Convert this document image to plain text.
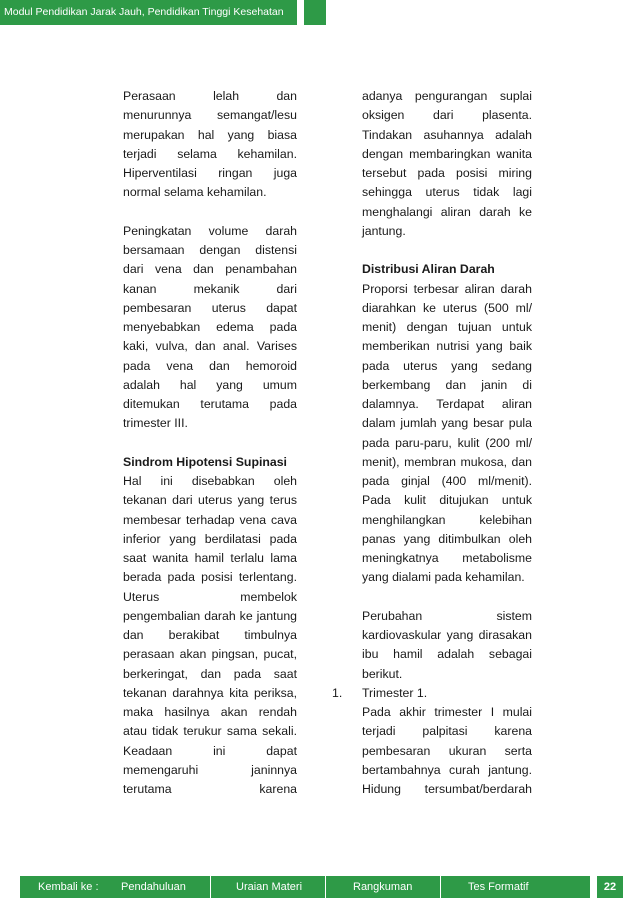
Modul Pendidikan Jarak Jauh, Pendidikan Tinggi Kesehatan

Perasaan lelah dan menurunnya semangat/lesu merupakan hal yang biasa terjadi selama kehamilan. Hiperventilasi ringan juga normal selama kehamilan.

Peningkatan volume darah bersamaan dengan distensi dari vena dan penambahan kanan mekanik dari pembesaran uterus dapat menyebabkan edema pada kaki, vulva, dan anal. Varises pada vena dan hemoroid adalah hal yang umum ditemukan terutama pada trimester III.

Sindrom Hipotensi Supinasi

Hal ini disebabkan oleh tekanan dari uterus yang terus membesar terhadap vena cava inferior yang berdilatasi pada saat wanita hamil terlalu lama berada pada posisi terlentang. Uterus membelok pengembalian darah ke jantung dan berakibat timbulnya perasaan akan pingsan, pucat, berkeringat, dan pada saat tekanan darahnya kita periksa, maka hasilnya akan rendah atau tidak terukur sama sekali. Keadaan ini dapat memengaruhi janinnya terutama karena

adanya pengurangan suplai oksigen dari plasenta. Tindakan asuhannya adalah dengan membaringkan wanita tersebut pada posisi miring sehingga uterus tidak lagi menghalangi aliran darah ke jantung.

Distribusi Aliran Darah

Proporsi terbesar aliran darah diarahkan ke uterus (500 ml/ menit) dengan tujuan untuk memberikan nutrisi yang baik pada uterus yang sedang berkembang dan janin di dalamnya. Terdapat aliran dalam jumlah yang besar pula pada paru-paru, kulit (200 ml/ menit), membran mukosa, dan pada ginjal (400 ml/menit). Pada kulit ditujukan untuk menghilangkan kelebihan panas yang ditimbulkan oleh meningkatnya metabolisme yang dialami pada kehamilan.

Perubahan sistem kardiovaskular yang dirasakan ibu hamil adalah sebagai berikut.

1. Trimester 1.

Pada akhir trimester I mulai terjadi palpitasi karena pembesaran ukuran serta bertambahnya curah jantung. Hidung tersumbat/berdarah

Kembali ke : Pendahuluan	Uraian Materi	Rangkuman	Tes Formatif	22
